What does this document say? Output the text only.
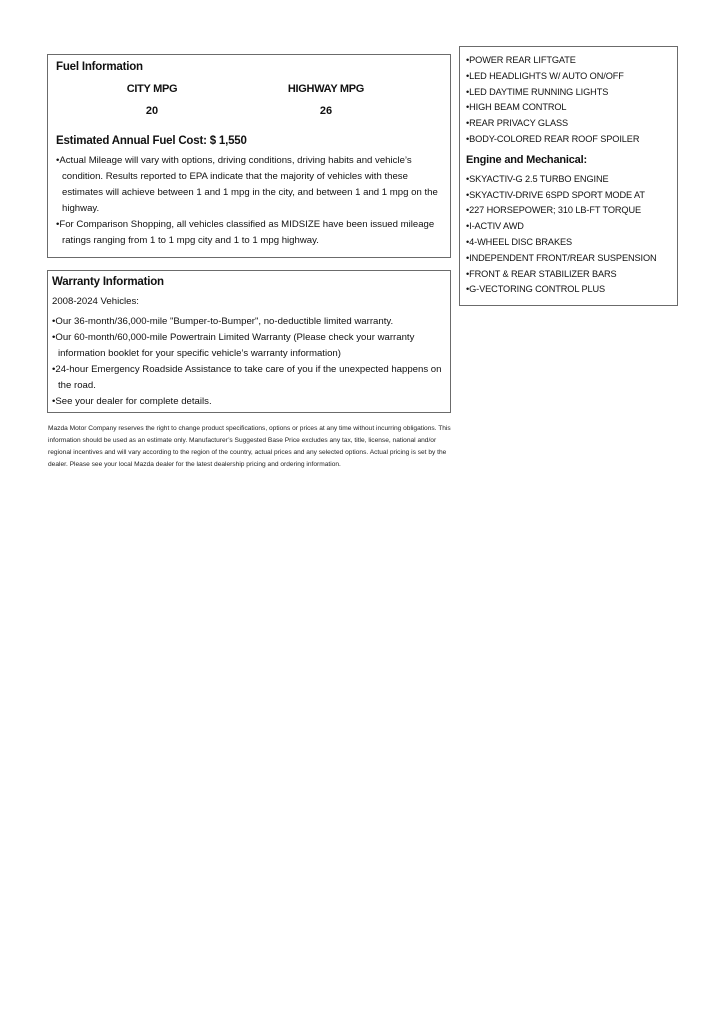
Fuel Information
CITY MPG
20
HIGHWAY MPG
26
Estimated Annual Fuel Cost: $ 1,550
•Actual Mileage will vary with options, driving conditions, driving habits and vehicle’s condition. Results reported to EPA indicate that the majority of vehicles with these estimates will achieve between 1 and 1 mpg in the city, and between 1 and 1 mpg on the highway.
•For Comparison Shopping, all vehicles classified as MIDSIZE have been issued mileage ratings ranging from 1 to 1 mpg city and 1 to 1 mpg highway.
Warranty Information
2008-2024 Vehicles:
•Our 36-month/36,000-mile "Bumper-to-Bumper", no-deductible limited warranty.
•Our 60-month/60,000-mile Powertrain Limited Warranty (Please check your warranty information booklet for your specific vehicle’s warranty information)
•24-hour Emergency Roadside Assistance to take care of you if the unexpected happens on the road.
•See your dealer for complete details.
Mazda Motor Company reserves the right to change product specifications, options or prices at any time without incurring obligations. This information should be used as an estimate only. Manufacturer’s Suggested Base Price excludes any tax, title, license, national and/or regional incentives and will vary according to the region of the country, actual prices and any selected options. Actual pricing is set by the dealer. Please see your local Mazda dealer for the latest dealership pricing and ordering information.
•POWER REAR LIFTGATE
•LED HEADLIGHTS W/ AUTO ON/OFF
•LED DAYTIME RUNNING LIGHTS
•HIGH BEAM CONTROL
•REAR PRIVACY GLASS
•BODY-COLORED REAR ROOF SPOILER
Engine and Mechanical:
•SKYACTIV-G 2.5 TURBO ENGINE
•SKYACTIV-DRIVE 6SPD SPORT MODE AT
•227 HORSEPOWER; 310 LB-FT TORQUE
•I-ACTIV AWD
•4-WHEEL DISC BRAKES
•INDEPENDENT FRONT/REAR SUSPENSION
•FRONT & REAR STABILIZER BARS
•G-VECTORING CONTROL PLUS
